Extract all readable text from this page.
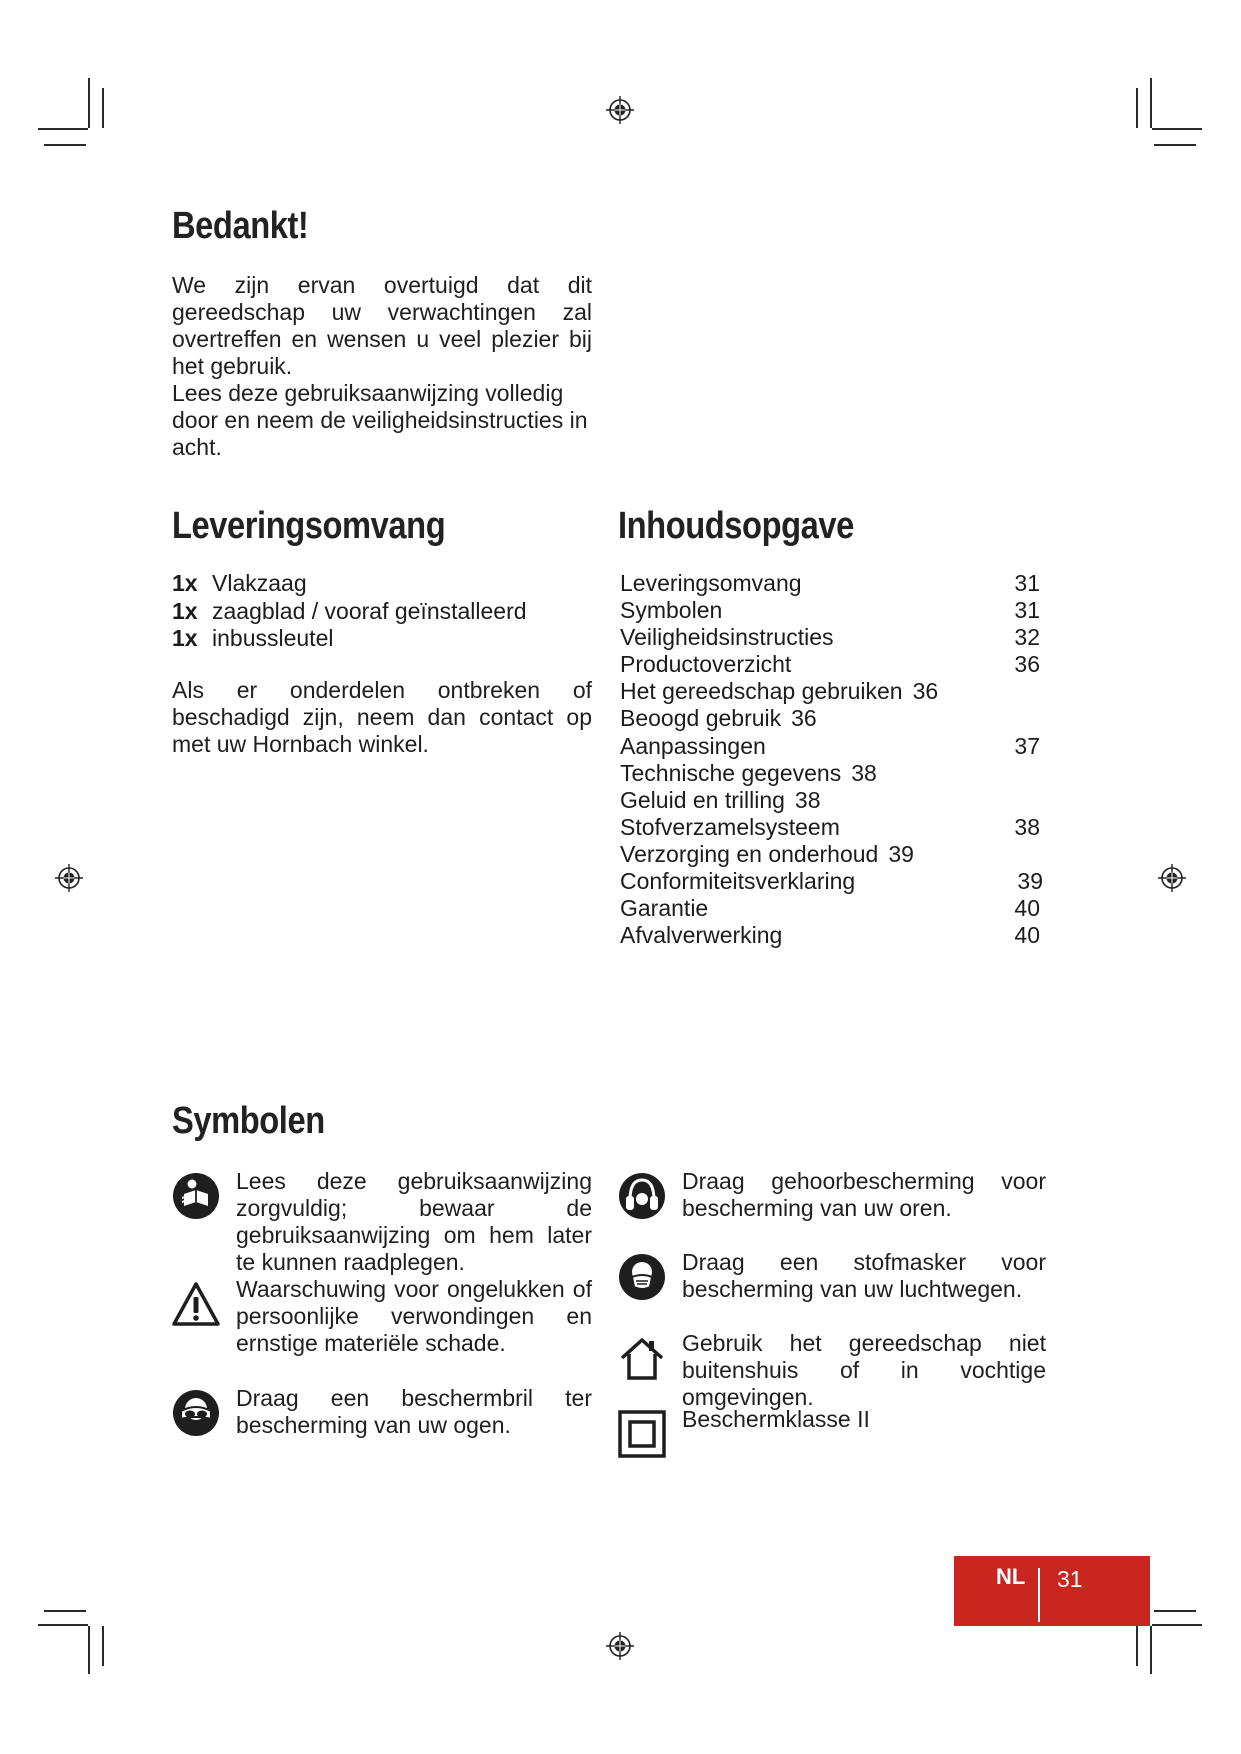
Bedankt!

We zijn ervan overtuigd dat dit gereedschap uw verwachtingen zal overtreffen en wensen u veel plezier bij het gebruik.

Lees deze gebruiksaanwijzing volledig door en neem de veiligheidsinstructies in acht.

Leveringsomvang
1x Vlakzaag
1x zaagblad / vooraf geïnstalleerd
1x inbussleutel
Als er onderdelen ontbreken of beschadigd zijn, neem dan contact op met uw Hornbach winkel.
Inhoudsopgave
Leveringsomvang	31
Symbolen	31
Veiligheidsinstructies	32
Productoverzicht	36
Het gereedschap gebruiken 36
Beoogd gebruik 36
Aanpassingen	37
Technische gegevens 38
Geluid en trilling 38
Stofverzamelsysteem	38
Verzorging en onderhoud 39
Conformiteitsverklaring	39
Garantie	40
Afvalverwerking	40
Symbolen
Lees deze gebruiksaanwijzing zorgvuldig; bewaar de gebruiksaanwijzing om hem later te kunnen raadplegen.
Waarschuwing voor ongelukken of persoonlijke verwondingen en ernstige materiële schade.
Draag een beschermbril ter bescherming van uw ogen.
Draag gehoorbescherming voor bescherming van uw oren.
Draag een stofmasker voor bescherming van uw luchtwegen.
Gebruik het gereedschap niet buitenshuis of in vochtige omgevingen.
Beschermklasse II
NL 31
